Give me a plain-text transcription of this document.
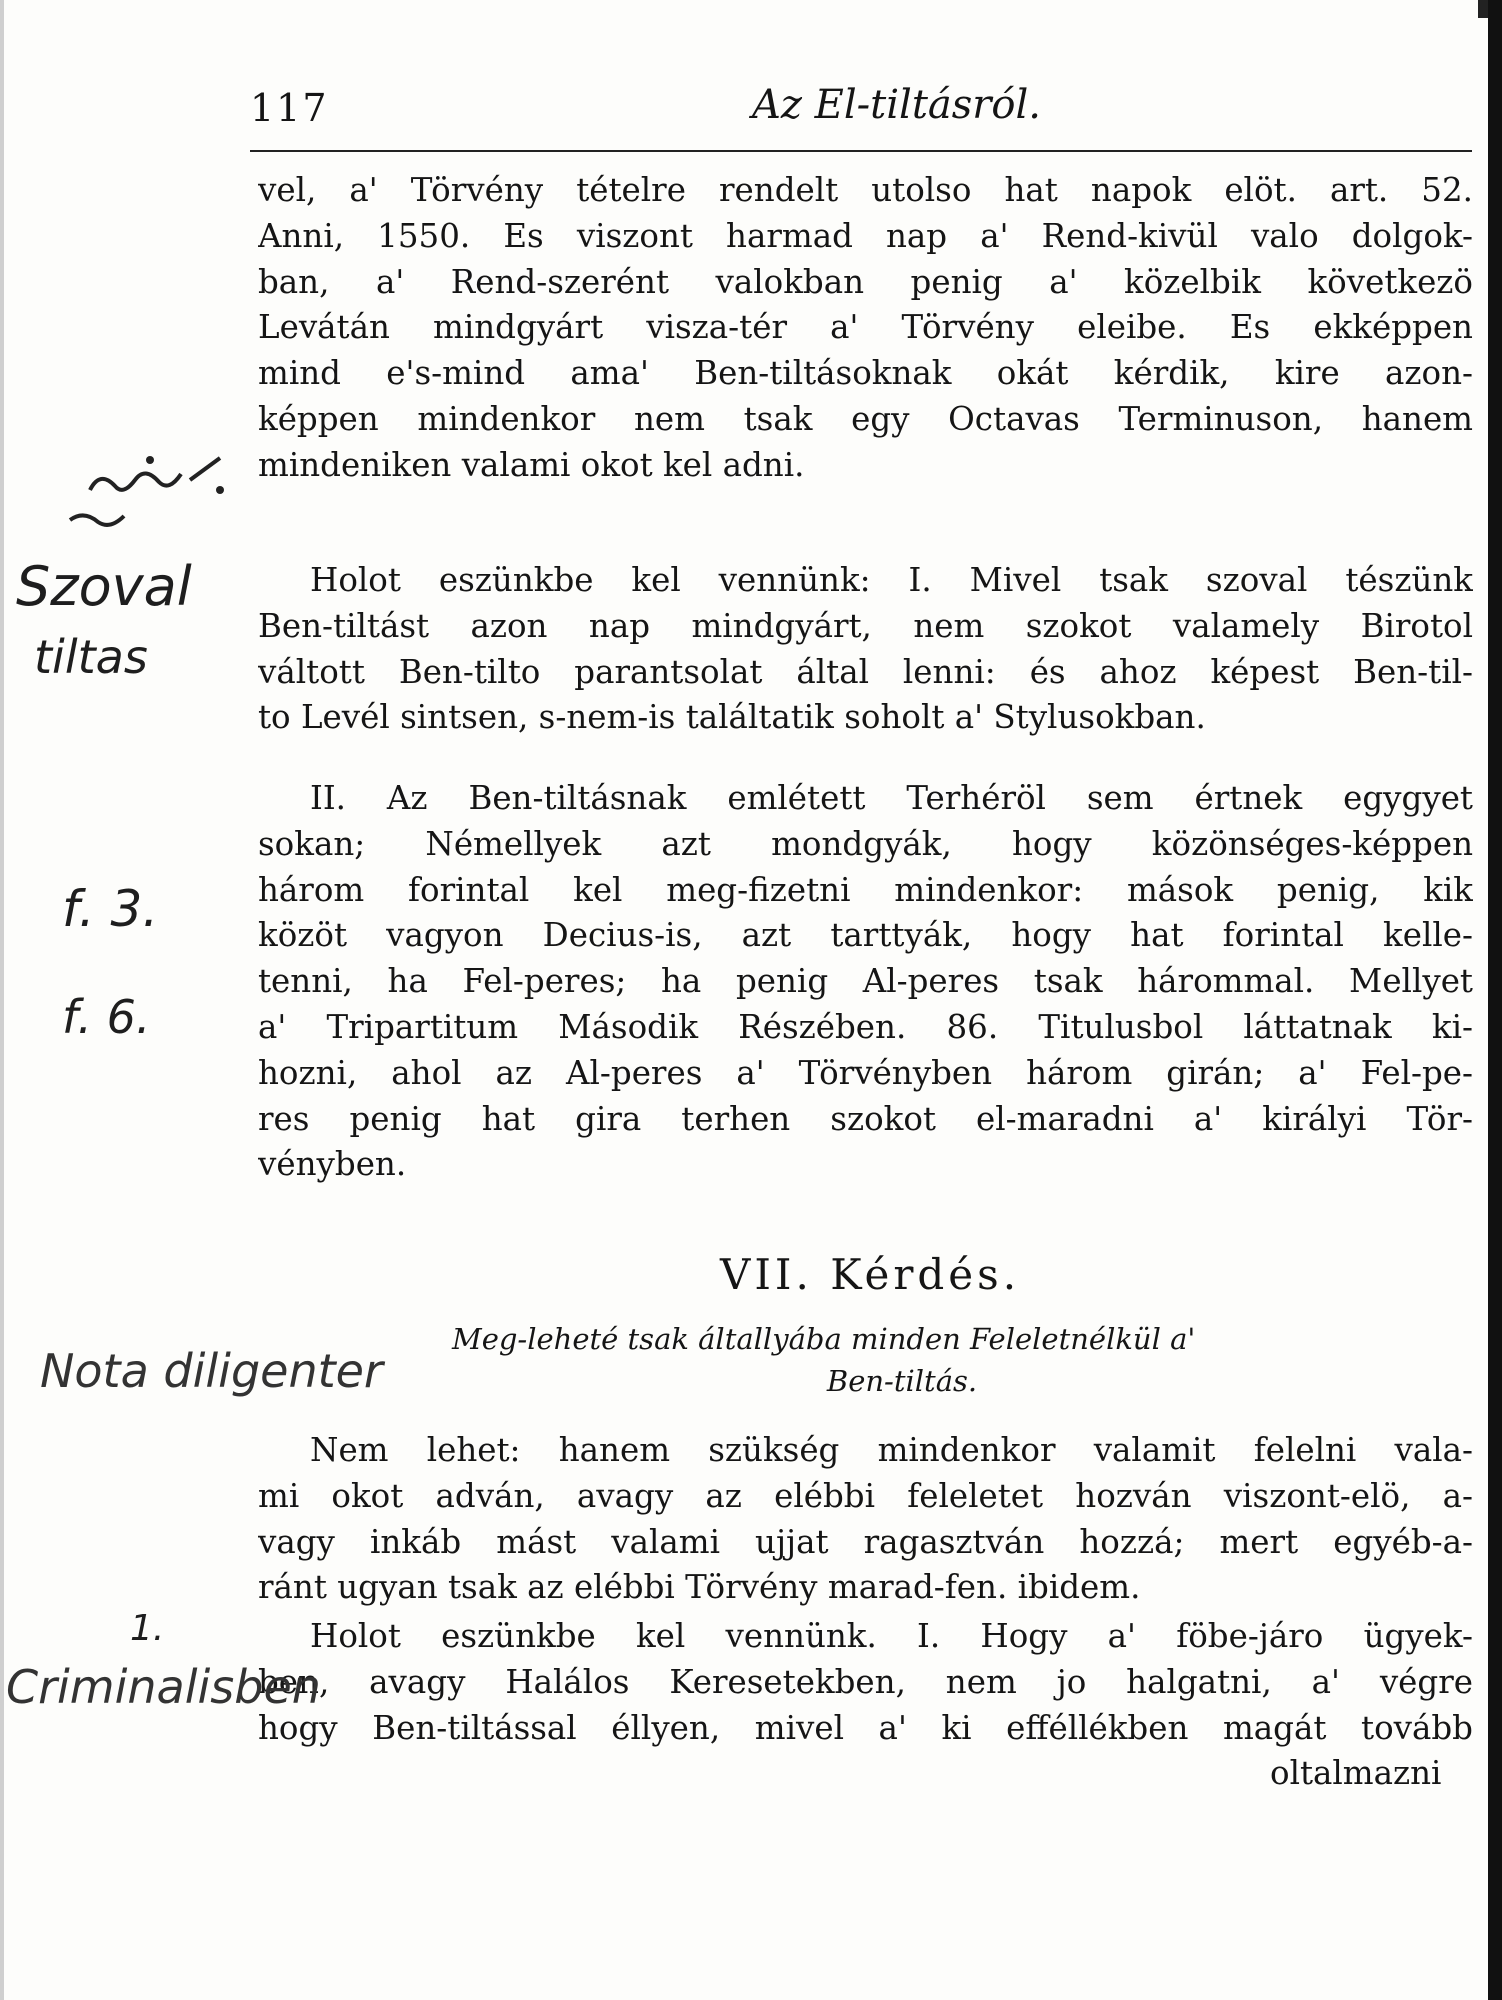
117	Az El-tiltásról.
vel, a' Törvény tételre rendelt utolso hat napok elöt. art. 52.
Anni, 1550. Es viszont harmad nap a' Rend-kivül valo dolgok-
ban, a' Rend-szerént valokban penig a' közelbik következö
Levátán mindgyárt visza-tér a' Törvény eleibe. Es ekképpen
mind e's-mind ama' Ben-tiltásoknak okát kérdik, kire azon-
képpen mindenkor nem tsak egy Octavas Terminuson, hanem
mindeniken valami okot kel adni.
Holot eszünkbe kel vennünk: I. Mivel tsak szoval tészünk
Ben-tiltást azon nap mindgyárt, nem szokot valamely Birotol
váltott Ben-tilto parantsolat által lenni: és ahoz képest Ben-til-
to Levél sintsen, s-nem-is találtatik soholt a' Stylusokban.
II. Az Ben-tiltásnak emlétett Terhéröl sem értnek egygyet
sokan; Némellyek azt mondgyák, hogy közönséges-képpen
három forintal kel meg-fizetni mindenkor: mások penig, kik
közöt vagyon Decius-is, azt tarttyák, hogy hat forintal kelle-
tenni, ha Fel-peres; ha penig Al-peres tsak hárommal. Mellyet
a' Tripartitum Második Részében. 86. Titulusbol láttatnak ki-
hozni, ahol az Al-peres a' Törvényben három girán; a' Fel-pe-
res penig hat gira terhen szokot el-maradni a' királyi Tör-
vényben.
VII. Kérdés.
Meg-leheté tsak általlyába minden Feleletnélkül a'
Ben-tiltás.
Nem lehet: hanem szükség mindenkor valamit felelni vala-
mi okot adván, avagy az elébbi feleletet hozván viszont-elö, a-
vagy inkáb mást valami ujjat ragasztván hozzá; mert egyéb-a-
ránt ugyan tsak az elébbi Törvény marad-fen. ibidem.
Holot eszünkbe kel vennünk. I. Hogy a' föbe-járo ügyek-
ben, avagy Halálos Keresetekben, nem jo halgatni, a' végre
hogy Ben-tiltással éllyen, mivel a' ki efféllékben magát tovább
oltalmazni
Szoval
tiltas
f. 3.
f. 6.
Nota diligenter
1.
Criminalisben
